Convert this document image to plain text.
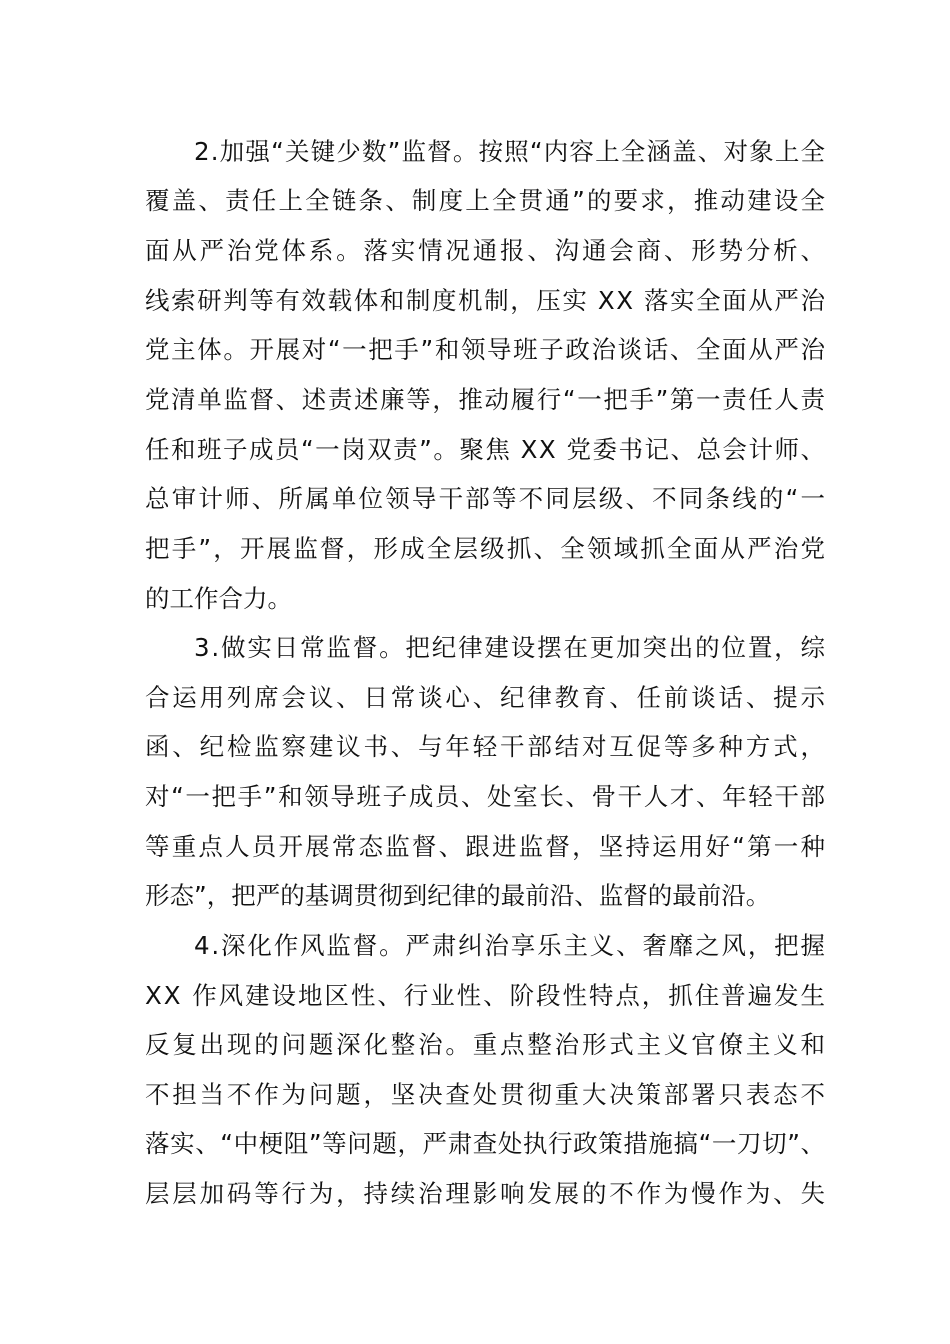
2.加强“关键少数”监督。按照“内容上全涵盖、对象上全
覆盖、责任上全链条、制度上全贯通”的要求，推动建设全
面从严治党体系。落实情况通报、沟通会商、形势分析、
线索研判等有效载体和制度机制，压实 XX 落实全面从严治
党主体。开展对“一把手”和领导班子政治谈话、全面从严治
党清单监督、述责述廉等，推动履行“一把手”第一责任人责
任和班子成员“一岗双责”。聚焦 XX 党委书记、总会计师、
总审计师、所属单位领导干部等不同层级、不同条线的“一
把手”，开展监督，形成全层级抓、全领域抓全面从严治党
的工作合力。
3.做实日常监督。把纪律建设摆在更加突出的位置，综
合运用列席会议、日常谈心、纪律教育、任前谈话、提示
函、纪检监察建议书、与年轻干部结对互促等多种方式，
对“一把手”和领导班子成员、处室长、骨干人才、年轻干部
等重点人员开展常态监督、跟进监督，坚持运用好“第一种
形态”，把严的基调贯彻到纪律的最前沿、监督的最前沿。
4.深化作风监督。严肃纠治享乐主义、奢靡之风，把握
XX 作风建设地区性、行业性、阶段性特点，抓住普遍发生
反复出现的问题深化整治。重点整治形式主义官僚主义和
不担当不作为问题，坚决查处贯彻重大决策部署只表态不
落实、“中梗阻”等问题，严肃查处执行政策措施搞“一刀切”、
层层加码等行为，持续治理影响发展的不作为慢作为、失
